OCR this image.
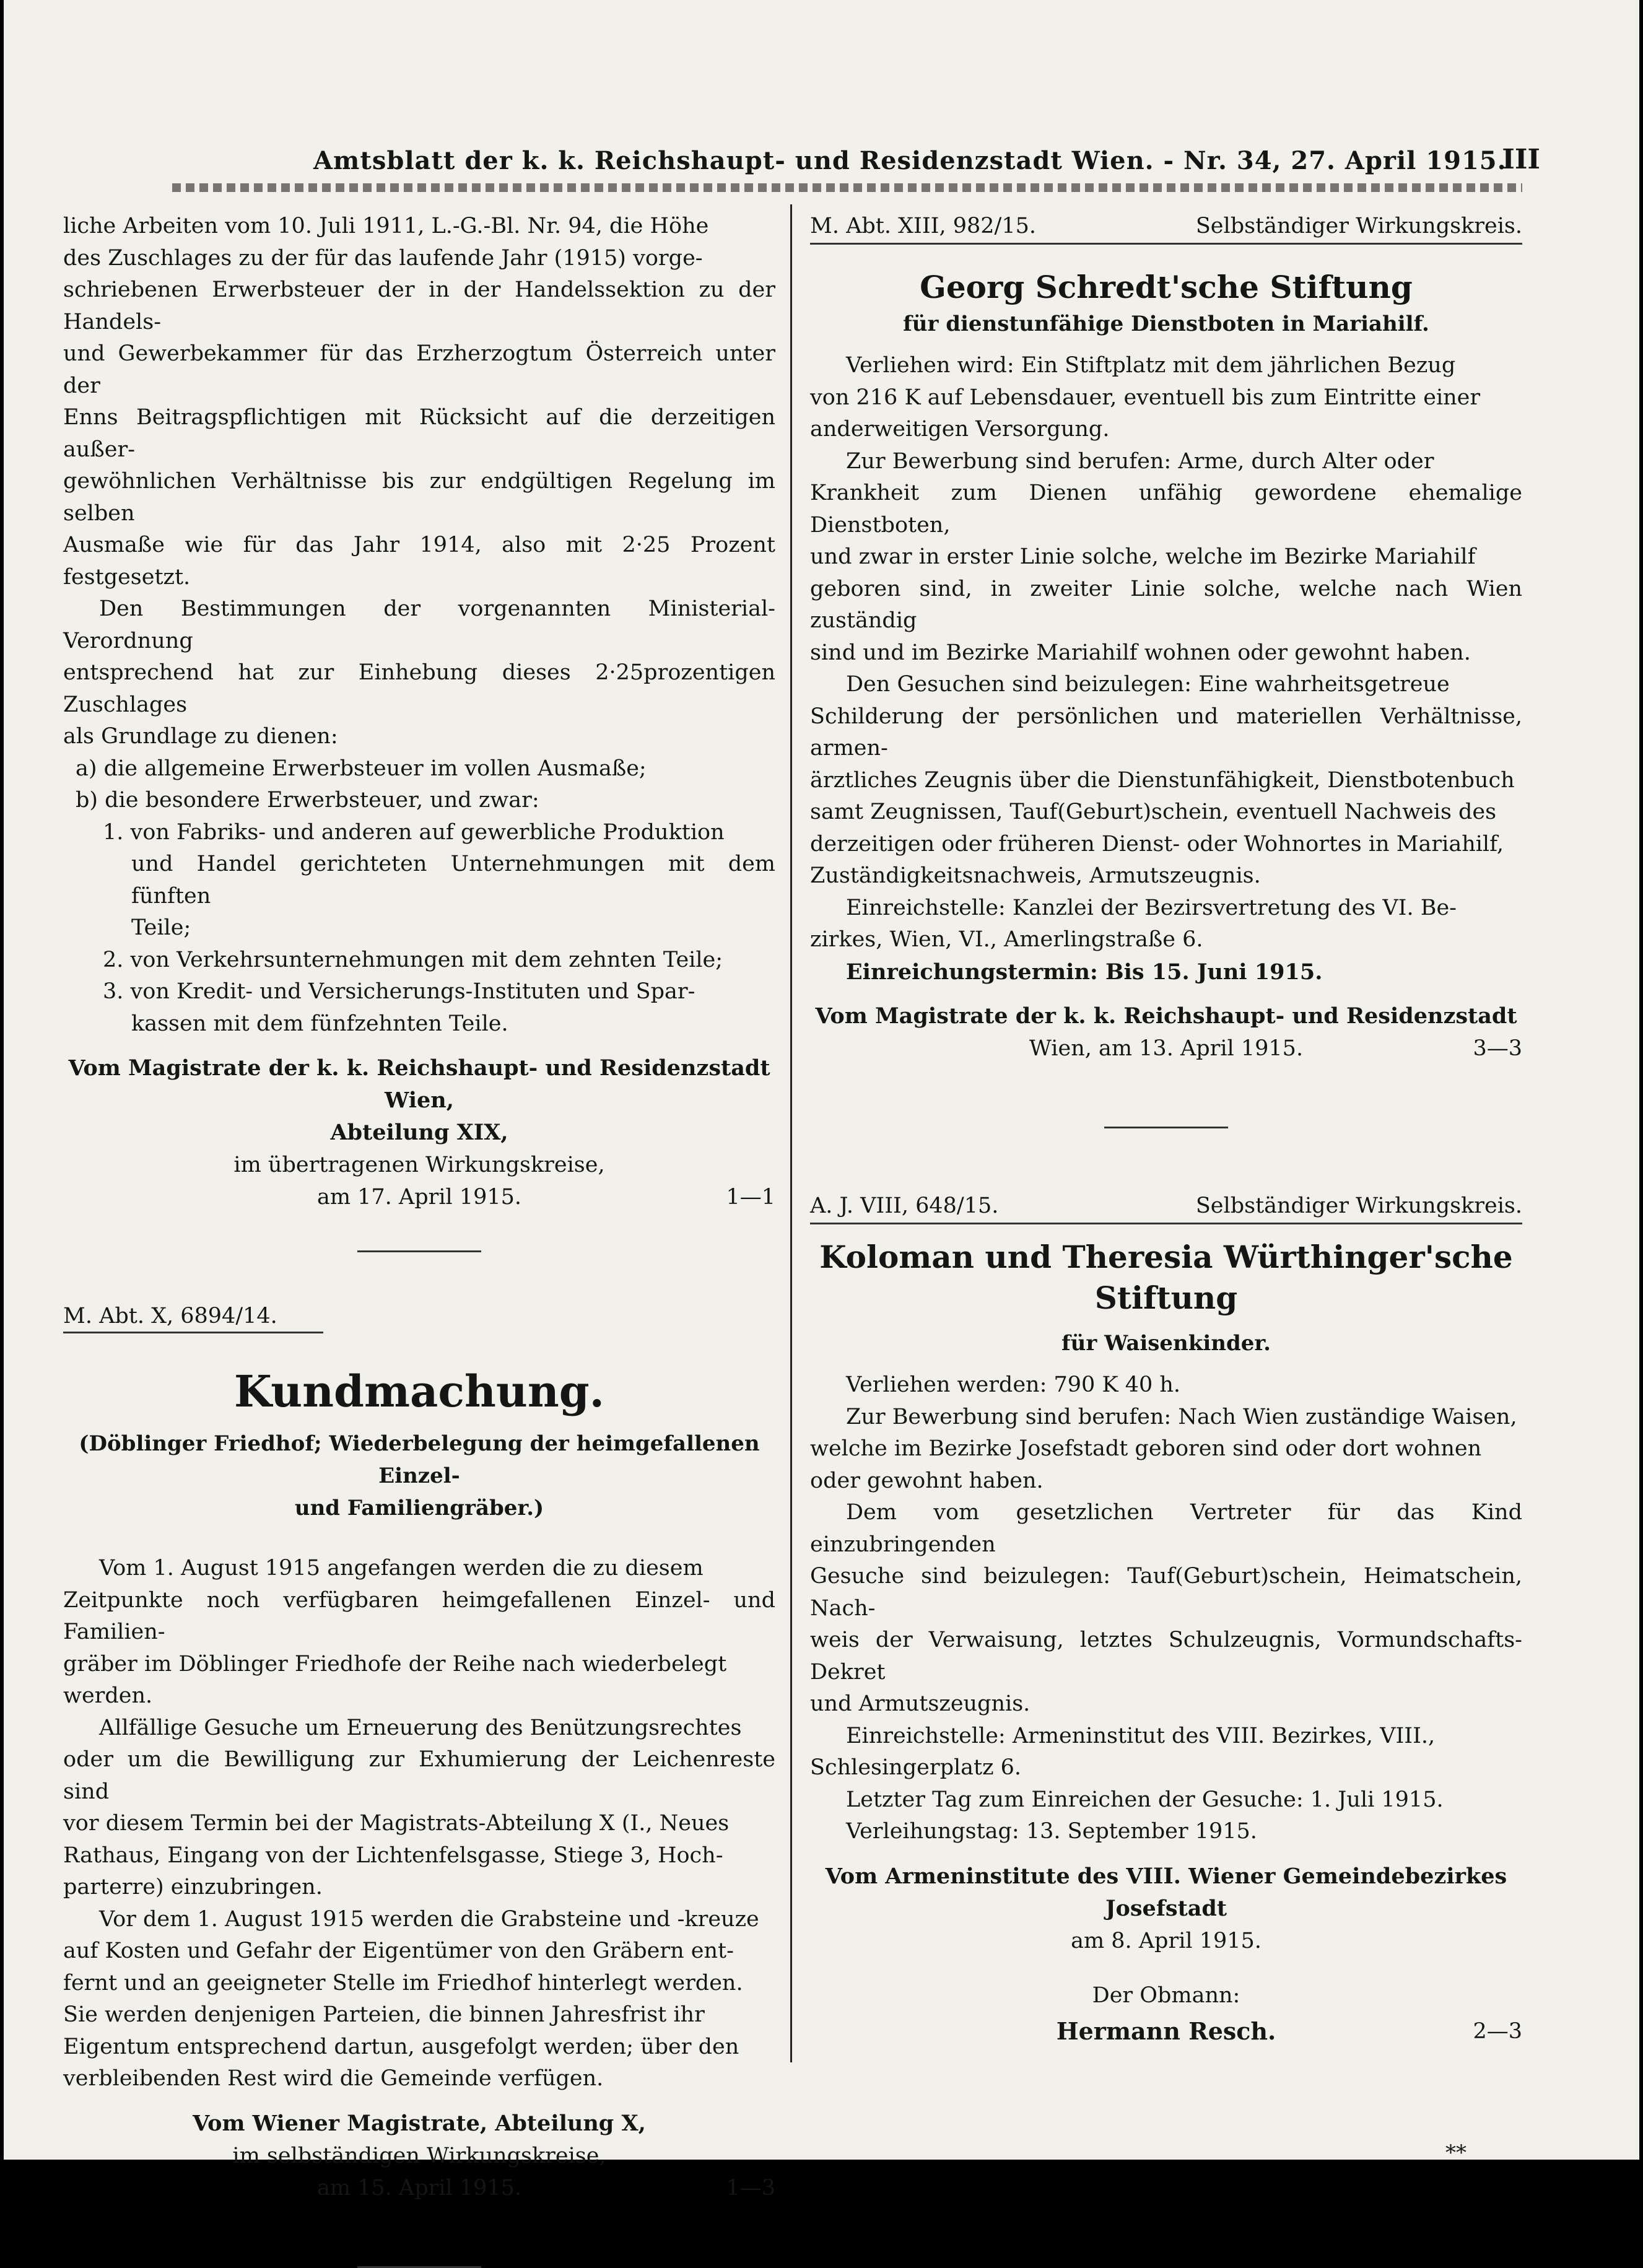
Amtsblatt der k. k. Reichshaupt- und Residenzstadt Wien. - Nr. 34, 27. April 1915.
III

liche Arbeiten vom 10. Juli 1911, L.-G.-Bl. Nr. 94, die Höhe
des Zuschlages zu der für das laufende Jahr (1915) vorge-
schriebenen Erwerbsteuer der in der Handelssektion zu der Handels-
und Gewerbekammer für das Erzherzogtum Österreich unter der
Enns Beitragspflichtigen mit Rücksicht auf die derzeitigen außer-
gewöhnlichen Verhältnisse bis zur endgültigen Regelung im selben
Ausmaße wie für das Jahr 1914, also mit 2·25 Prozent festgesetzt.

Den Bestimmungen der vorgenannten Ministerial-Verordnung
entsprechend hat zur Einhebung dieses 2·25prozentigen Zuschlages
als Grundlage zu dienen:

a) die allgemeine Erwerbsteuer im vollen Ausmaße;

b) die besondere Erwerbsteuer, und zwar:

1. von Fabriks- und anderen auf gewerbliche Produktion
und Handel gerichteten Unternehmungen mit dem fünften
Teile;

2. von Verkehrsunternehmungen mit dem zehnten Teile;

3. von Kredit- und Versicherungs-Instituten und Spar-
kassen mit dem fünfzehnten Teile.

Vom Magistrate der k. k. Reichshaupt- und Residenzstadt Wien,
Abteilung XIX,
im übertragenen Wirkungskreise,
am 17. April 1915.	1—1
M. Abt. X, 6894/14.
Kundmachung.
(Döblinger Friedhof; Wiederbelegung der heimgefallenen Einzel-
und Familiengräber.)

Vom 1. August 1915 angefangen werden die zu diesem
Zeitpunkte noch verfügbaren heimgefallenen Einzel- und Familien-
gräber im Döblinger Friedhofe der Reihe nach wiederbelegt
werden.

Allfällige Gesuche um Erneuerung des Benützungsrechtes
oder um die Bewilligung zur Exhumierung der Leichenreste sind
vor diesem Termin bei der Magistrats-Abteilung X (I., Neues
Rathaus, Eingang von der Lichtenfelsgasse, Stiege 3, Hoch-
parterre) einzubringen.

Vor dem 1. August 1915 werden die Grabsteine und -kreuze
auf Kosten und Gefahr der Eigentümer von den Gräbern ent-
fernt und an geeigneter Stelle im Friedhof hinterlegt werden.
Sie werden denjenigen Parteien, die binnen Jahresfrist ihr
Eigentum entsprechend dartun, ausgefolgt werden; über den
verbleibenden Rest wird die Gemeinde verfügen.

Vom Wiener Magistrate, Abteilung X,
im selbständigen Wirkungskreise,
am 15. April 1915.	1—3
M. Abt. XIII, 982/15.	Selbständiger Wirkungskreis.
Georg Schredt'sche Stiftung
für dienstunfähige Dienstboten in Mariahilf.

Verliehen wird: Ein Stiftplatz mit dem jährlichen Bezug
von 216 K auf Lebensdauer, eventuell bis zum Eintritte einer
anderweitigen Versorgung.

Zur Bewerbung sind berufen: Arme, durch Alter oder
Krankheit zum Dienen unfähig gewordene ehemalige Dienstboten,
und zwar in erster Linie solche, welche im Bezirke Mariahilf
geboren sind, in zweiter Linie solche, welche nach Wien zuständig
sind und im Bezirke Mariahilf wohnen oder gewohnt haben.

Den Gesuchen sind beizulegen: Eine wahrheitsgetreue
Schilderung der persönlichen und materiellen Verhältnisse, armen-
ärztliches Zeugnis über die Dienstunfähigkeit, Dienstbotenbuch
samt Zeugnissen, Tauf(Geburt)schein, eventuell Nachweis des
derzeitigen oder früheren Dienst- oder Wohnortes in Mariahilf,
Zuständigkeitsnachweis, Armutszeugnis.

Einreichstelle: Kanzlei der Bezirsvertretung des VI. Be-
zirkes, Wien, VI., Amerlingstraße 6.

Einreichungstermin: Bis 15. Juni 1915.

Vom Magistrate der k. k. Reichshaupt- und Residenzstadt
Wien, am 13. April 1915.	3—3
A. J. VIII, 648/15.	Selbständiger Wirkungskreis.
Koloman und Theresia Würthinger'sche
Stiftung
für Waisenkinder.

Verliehen werden: 790 K 40 h.

Zur Bewerbung sind berufen: Nach Wien zuständige Waisen,
welche im Bezirke Josefstadt geboren sind oder dort wohnen
oder gewohnt haben.

Dem vom gesetzlichen Vertreter für das Kind einzubringenden
Gesuche sind beizulegen: Tauf(Geburt)schein, Heimatschein, Nach-
weis der Verwaisung, letztes Schulzeugnis, Vormundschafts-Dekret
und Armutszeugnis.

Einreichstelle: Armeninstitut des VIII. Bezirkes, VIII.,
Schlesingerplatz 6.

Letzter Tag zum Einreichen der Gesuche: 1. Juli 1915.

Verleihungstag: 13. September 1915.

Vom Armeninstitute des VIII. Wiener Gemeindebezirkes Josefstadt
am 8. April 1915.
Der Obmann:
Hermann Resch.	2—3
**
